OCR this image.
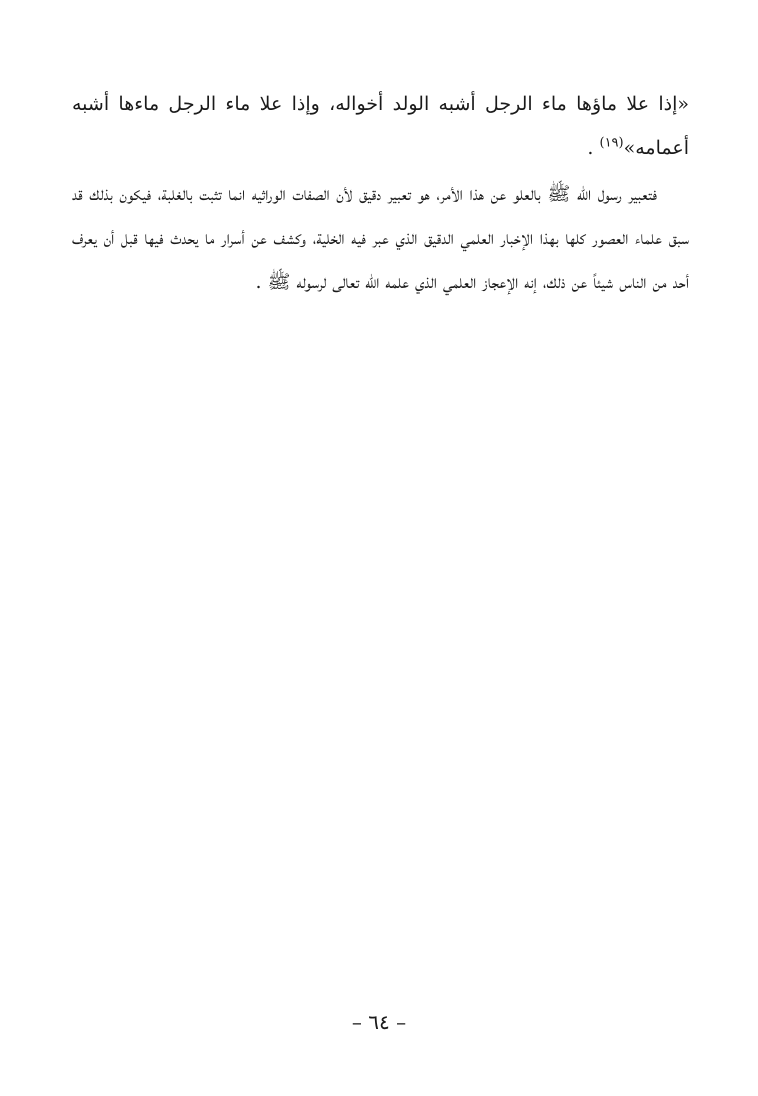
«إذا علا ماؤها ماء الرجل أشبه الولد أخواله، وإذا علا ماء الرجل ماءها أشبه أعمامه»$^{(١٩)}$ .

فتعبير رسول الله ﷺ بالعلو عن هذا الأمر، هو تعبير دقيق لأن الصفات الوراثيه انما تثبت بالغلبة، فيكون بذلك قد سبق علماء العصور كلها بهذا الإخبار العلمي الدقيق الذي عبر فيه الخلية، وكشف عن أسرار ما يحدث فيها قبل أن يعرف أحد من الناس شيئاً عن ذلك، إنه الإعجاز العلمي الذي علمه الله تعالى لرسوله ﷺ .

– ٦٤ –
